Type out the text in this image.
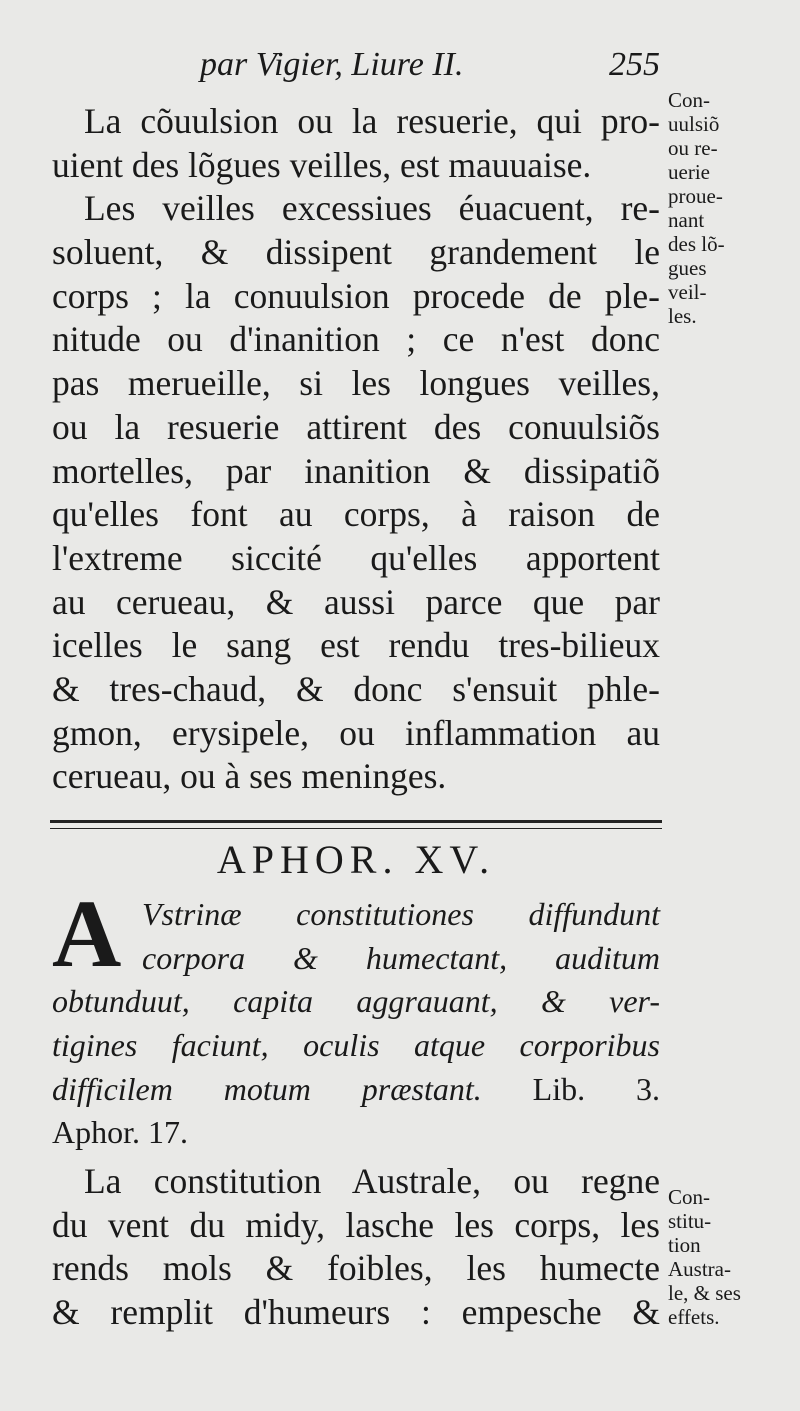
par Vigier, Liure II.	255
La cõuulsion ou la resuerie, qui pro-
uient des lõgues veilles, est mauuaise.
Les veilles excessiues éuacuent, re-
soluent, & dissipent grandement le
corps ; la conuulsion procede de ple-
nitude ou d'inanition ; ce n'est donc
pas merueille, si les longues veilles,
ou la resuerie attirent des conuulsiõs
mortelles, par inanition & dissipatiõ
qu'elles font au corps, à raison de
l'extreme siccité qu'elles apportent
au cerueau, & aussi parce que par
icelles le sang est rendu tres-bilieux
& tres-chaud, & donc s'ensuit phle-
gmon, erysipele, ou inflammation au
cerueau, ou à ses meninges.
APHOR. XV.
A Vstrinæ constitutiones diffundunt
corpora & humectant, auditum
obtunduut, capita aggrauant, & ver-
tigines faciunt, oculis atque corporibus
difficilem motum præstant. Lib. 3.
Aphor. 17.
La constitution Australe, ou regne
du vent du midy, lasche les corps, les
rends mols & foibles, les humecte
& remplit d'humeurs : empesche &
Con-
uulsiõ
ou re-
uerie
proue-
nant
des lõ-
gues
veil-
les.
Con-
stitu-
tion
Austra-
le, & ses
effets.
